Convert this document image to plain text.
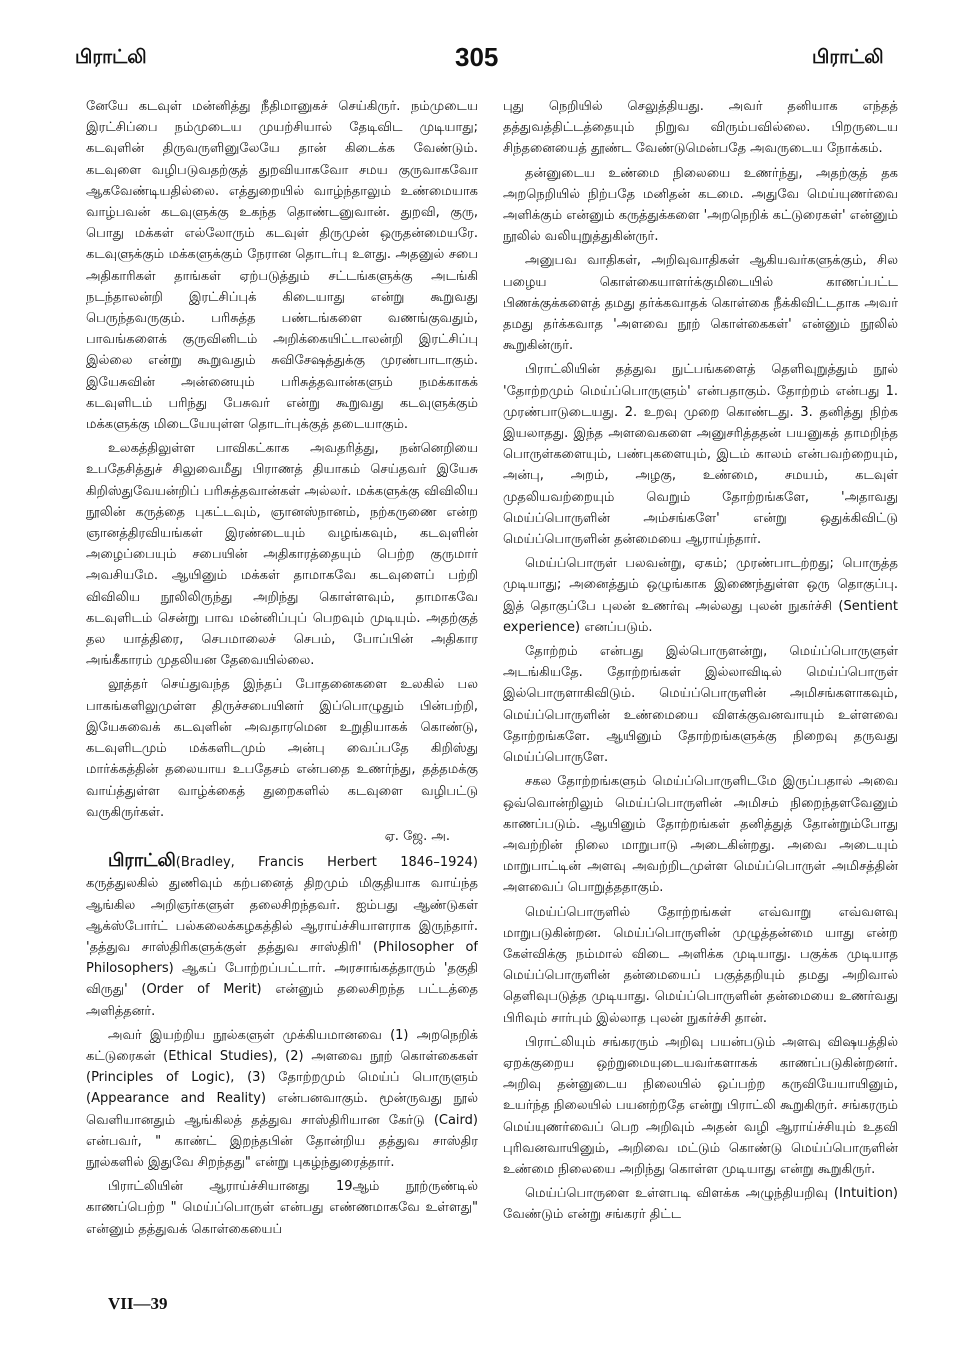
பிராட்லி	305	பிராட்லி

னேயே கடவுள் மன்னித்து நீதிமானுகச் செய்கிருர். நம்முடைய இரட்சிப்பை நம்முடைய முயற்சியால் தேடிவிட முடியாது; கடவுளின் திருவருளினுலேயே தான் கிடைக்க வேண்டும். கடவுளை வழிபடுவதற்குத் துறவியாகவோ சமய குருவாகவோ ஆகவேண்டியதில்லை. எத்துறையில் வாழ்ந்தாலும் உண்மையாக வாழ்பவன் கடவுளுக்கு உகந்த தொண்டனுவான். துறவி, குரு, பொது மக்கள் எல்லோரும் கடவுள் திருமுன் ஒருதன்மையரே. கடவுளுக்கும் மக்களுக்கும் நேரான தொடர்பு உளது. அதனுல் சபை அதிகாரிகள் தாங்கள் ஏற்படுத்தும் சட்டங்களுக்கு அடங்கி நடந்தாலன்றி இரட்சிப்புக் கிடையாது என்று கூறுவது பெருந்தவருகும். பரிசுத்த பண்டங்களை வணங்குவதும், பாவங்களைக் குருவினிடம் அறிக்கையிட்டாலன்றி இரட்சிப்பு இல்லை என்று கூறுவதும் சுவிசேஷத்துக்கு முரண்பாடாகும். இயேசுவின் அன்னையும் பரிசுத்தவான்களும் நமக்காகக் கடவுளிடம் பரிந்து பேசுவர் என்று கூறுவது கடவுளுக்கும் மக்களுக்கு மிடையேயுள்ள தொடர்புக்குத் தடையாகும்.

உலகத்திலுள்ள பாவிகட்காக அவதரித்து, நன்னெறியை உபதேசித்துச் சிலுவைமீது பிராணத் தியாகம் செய்தவர் இயேசு கிறிஸ்துவேயன்றிப் பரிசுத்தவான்கள் அல்லர். மக்களுக்கு விவிலிய நூலின் கருத்தை புகட்டவும், ஞானஸ்நானம், நற்கருணை என்ற ஞானத்திரவியங்கள் இரண்டையும் வழங்கவும், கடவுளின் அழைப்பையும் சபையின் அதிகாரத்தையும் பெற்ற குருமார் அவசியமே. ஆயினும் மக்கள் தாமாகவே கடவுளைப் பற்றி விவிலிய நூலிலிருந்து அறிந்து கொள்ளவும், தாமாகவே கடவுளிடம் சென்று பாவ மன்னிப்புப் பெறவும் முடியும். அதற்குத் தல யாத்திரை, செபமாலைச் செபம், போப்பின் அதிகார அங்கீகாரம் முதலியன தேவையில்லை.

லூத்தர் செய்துவந்த இந்தப் போதனைகளை உலகில் பல பாகங்களிலுமுள்ள திருச்சபையினர் இப்பொழுதும் பின்பற்றி, இயேசுவைக் கடவுளின் அவதாரமென உறுதியாகக் கொண்டு, கடவுளிடமும் மக்களிடமும் அன்பு வைப்பதே கிறிஸ்து மார்க்கத்தின் தலையாய உபதேசம் என்பதை உணர்ந்து, தத்தமக்கு வாய்த்துள்ள வாழ்க்கைத் துறைகளில் கடவுளை வழிபட்டு வருகிருர்கள்.

ஏ. ஜே. அ.

பிராட்லி(Bradley, Francis Herbert 1846–1924) கருத்துலகில் துணிவும் கற்பனைத் திறமும் மிகுதியாக வாய்ந்த ஆங்கில அறிஞர்களுள் தலைசிறந்தவர். ஐம்பது ஆண்டுகள் ஆக்ஸ்போர்ட் பல்கலைக்கழகத்தில் ஆராய்ச்சியாளராக இருந்தார். 'தத்துவ சாஸ்திரிகளுக்குள் தத்துவ சாஸ்திரி' (Philosopher of Philosophers) ஆகப் போற்றப்பட்டார். அரசாங்கத்தாரும் 'தகுதி விருது' (Order of Merit) என்னும் தலைசிறந்த பட்டத்தை அளித்தனர்.

அவர் இயற்றிய நூல்களுள் முக்கியமானவை (1) அறநெறிக் கட்டுரைகள் (Ethical Studies), (2) அளவை நூற் கொள்கைகள் (Principles of Logic), (3) தோற்றமும் மெய்ப் பொருளும் (Appearance and Reality) என்பனவாகும். மூன்ருவது நூல் வெளியானதும் ஆங்கிலத் தத்துவ சாஸ்திரியான கேர்டு (Caird) என்பவர், " காண்ட் இறந்தபின் தோன்றிய தத்துவ சாஸ்திர நூல்களில் இதுவே சிறந்தது" என்று புகழ்ந்துரைத்தார்.

பிராட்லியின் ஆராய்ச்சியானது 19ஆம் நூற்ருண்டில் காணப்பெற்ற " மெய்ப்பொருள் என்பது எண்ணமாகவே உள்ளது" என்னும் தத்துவக் கொள்கையைப்

புது நெறியில் செலுத்தியது. அவர் தனியாக எந்தத் தத்துவத்திட்டத்தையும் நிறுவ விரும்பவில்லை. பிறருடைய சிந்தனையைத் தூண்ட வேண்டுமென்பதே அவருடைய நோக்கம்.

தன்னுடைய உண்மை நிலையை உணர்ந்து, அதற்குத் தக அறநெறியில் நிற்பதே மனிதன் கடமை. அதுவே மெய்யுணர்வை அளிக்கும் என்னும் கருத்துக்களை 'அறநெறிக் கட்டுரைகள்' என்னும் நூலில் வலியுறுத்துகின்ருர்.

அனுபவ வாதிகள், அறிவுவாதிகள் ஆகியவர்களுக்கும், சில பழைய கொள்கையாளர்க்குமிடையில் காணப்பட்ட பிணக்குக்களைத் தமது தர்க்கவாதக் கொள்கை நீக்கிவிட்டதாக அவர் தமது தர்க்கவாத 'அளவை நூற் கொள்கைகள்' என்னும் நூலில் கூறுகின்ருர்.

பிராட்லியின் தத்துவ நுட்பங்களைத் தெளிவுறுத்தும் நூல் 'தோற்றமும் மெய்ப்பொருளும்' என்பதாகும். தோற்றம் என்பது 1. முரண்பாடுடையது. 2. உறவு முறை கொண்டது. 3. தனித்து நிற்க இயலாதது. இந்த அளவைகளை அனுசரித்ததன் பயனுகத் தாமறிந்த பொருள்களையும், பண்புகளையும், இடம் காலம் என்பவற்றையும், அன்பு, அறம், அழகு, உண்மை, சமயம், கடவுள் முதலியவற்றையும் வெறும் தோற்றங்களே, 'அதாவது மெய்ப்பொருளின் அம்சங்களே' என்று ஒதுக்கிவிட்டு மெய்ப்பொருளின் தன்மையை ஆராய்ந்தார்.

மெய்ப்பொருள் பலவன்று, ஏகம்; முரண்பாடற்றது; பொருத்த முடியாது; அனைத்தும் ஒழுங்காக இணைந்துள்ள ஒரு தொகுப்பு. இத் தொகுப்பே புலன் உணர்வு அல்லது புலன் நுகர்ச்சி (Sentient experience) எனப்படும்.

தோற்றம் என்பது இல்பொருளன்று, மெய்ப்பொருளுள் அடங்கியதே. தோற்றங்கள் இல்லாவிடில் மெய்ப்பொருள் இல்பொருளாகிவிடும். மெய்ப்பொருளின் அமிசங்களாகவும், மெய்ப்பொருளின் உண்மையை விளக்குவனவாயும் உள்ளவை தோற்றங்களே. ஆயினும் தோற்றங்களுக்கு நிறைவு தருவது மெய்ப்பொருளே.

சகல தோற்றங்களும் மெய்ப்பொருளிடமே இருப்பதால் அவை ஒவ்வொன்றிலும் மெய்ப்பொருளின் அமிசம் நிறைந்தளவேனும் காணப்படும். ஆயினும் தோற்றங்கள் தனித்துத் தோன்றும்போது அவற்றின் நிலை மாறுபாடு அடைகின்றது. அவை அடையும் மாறுபாட்டின் அளவு அவற்றிடமுள்ள மெய்ப்பொருள் அமிசத்தின் அளவைப் பொறுத்ததாகும்.

மெய்ப்பொருளில் தோற்றங்கள் எவ்வாறு எவ்வளவு மாறுபடுகின்றன. மெய்ப்பொருளின் முழுத்தன்மை யாது என்ற கேள்விக்கு நம்மால் விடை அளிக்க முடியாது. பகுக்க முடியாத மெய்ப்பொருளின் தன்மையைப் பகுத்தறியும் தமது அறிவால் தெளிவுபடுத்த முடியாது. மெய்ப்பொருளின் தன்மையை உணர்வது பிரிவும் சார்பும் இல்லாத புலன் நுகர்ச்சி தான்.

பிராட்லியும் சங்கரரும் அறிவு பயன்படும் அளவு விஷயத்தில் ஏறக்குறைய ஒற்றுமையுடையவர்களாகக் காணப்படுகின்றனர். அறிவு தன்னுடைய நிலையில் ஒப்பற்ற கருவியேயாயினும், உயர்ந்த நிலையில் பயனற்றதே என்று பிராட்லி கூறுகிருர். சங்கரரும் மெய்யுணர்வைப் பெற அறிவும் அதன் வழி ஆராய்ச்சியும் உதவி புரிவனவாயினும், அறிவை மட்டும் கொண்டு மெய்ப்பொருளின் உண்மை நிலையை அறிந்து கொள்ள முடியாது என்று கூறுகிருர்.

மெய்ப்பொருளை உள்ளபடி விளக்க அழுந்தியறிவு (Intuition) வேண்டும் என்று சங்கரர் திட்ட

VII—39
